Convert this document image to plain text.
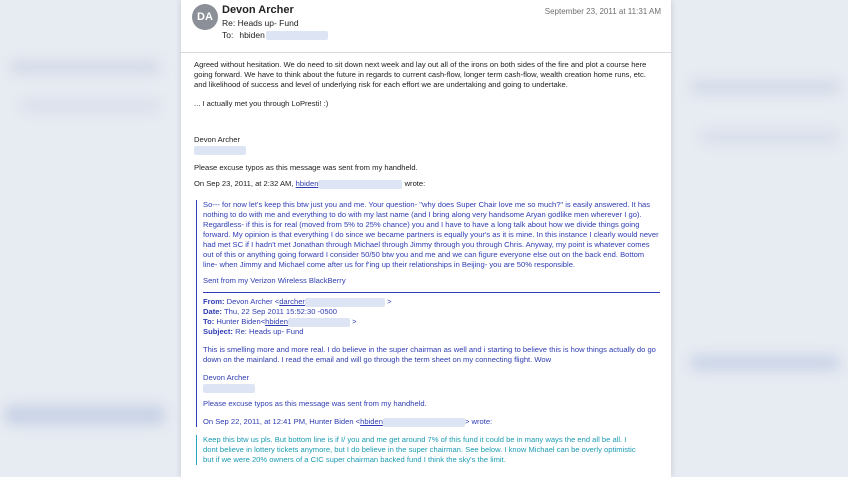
DA
Devon Archer	September 23, 2011 at 11:31 AM
Re: Heads up- Fund
To: hbiden

Agreed without hesitation. We do need to sit down next week and lay out all of the irons on both sides of the fire and plot a course here going forward. We have to think about the future in regards to current cash-flow, longer term cash-flow, wealth creation home runs, etc. and likelihood of success and level of underlying risk for each effort we are undertaking and going to undertake.

... I actually met you through LoPresti! :)

Devon Archer

Please excuse typos as this message was sent from my handheld.

On Sep 23, 2011, at 2:32 AM, hbiden	wrote:

So--- for now let's keep this btw just you and me. Your question- "why does Super Chair love me so much?" is easily answered. It has nothing to do with me and everything to do with my last name (and I bring along very handsome Aryan godlike men wherever I go). Regardless- if this is for real (moved from 5% to 25% chance) you and I have to have a long talk about how we divide things going forward. My opinion is that everything I do since we became partners is equally your's as it is mine. In this instance I clearly would never had met SC if I hadn't met Jonathan through Michael through Jimmy through you through Chris. Anyway, my point is whatever comes out of this or anything going forward I consider 50/50 btw you and me and we can figure everyone else out on the back end. Bottom line- when Jimmy and Michael come after us for f'ing up their relationships in Beijing- you are 50% responsible.

Sent from my Verizon Wireless BlackBerry

From: Devon Archer <darcher	>

Date: Thu, 22 Sep 2011 15:52:30 -0500

To: Hunter Biden<hbiden	>

Subject: Re: Heads up- Fund

This is smelling more and more real. I do believe in the super chairman as well and i starting to believe this is how things actually do go down on the mainland. I read the email and will go through the term sheet on my connecting flight. Wow

Devon Archer

Please excuse typos as this message was sent from my handheld.

On Sep 22, 2011, at 12:41 PM, Hunter Biden <hbiden	> wrote:

Keep this btw us pls. But bottom line is if I/ you and me get around 7% of this fund it could be in many ways the end all be all. I dont believe in lottery tickets anymore, but I do believe in the super chairman. See below. I know Michael can be overly optimistic but if we were 20% owners of a CIC super chairman backed fund I think the sky's the limit.
